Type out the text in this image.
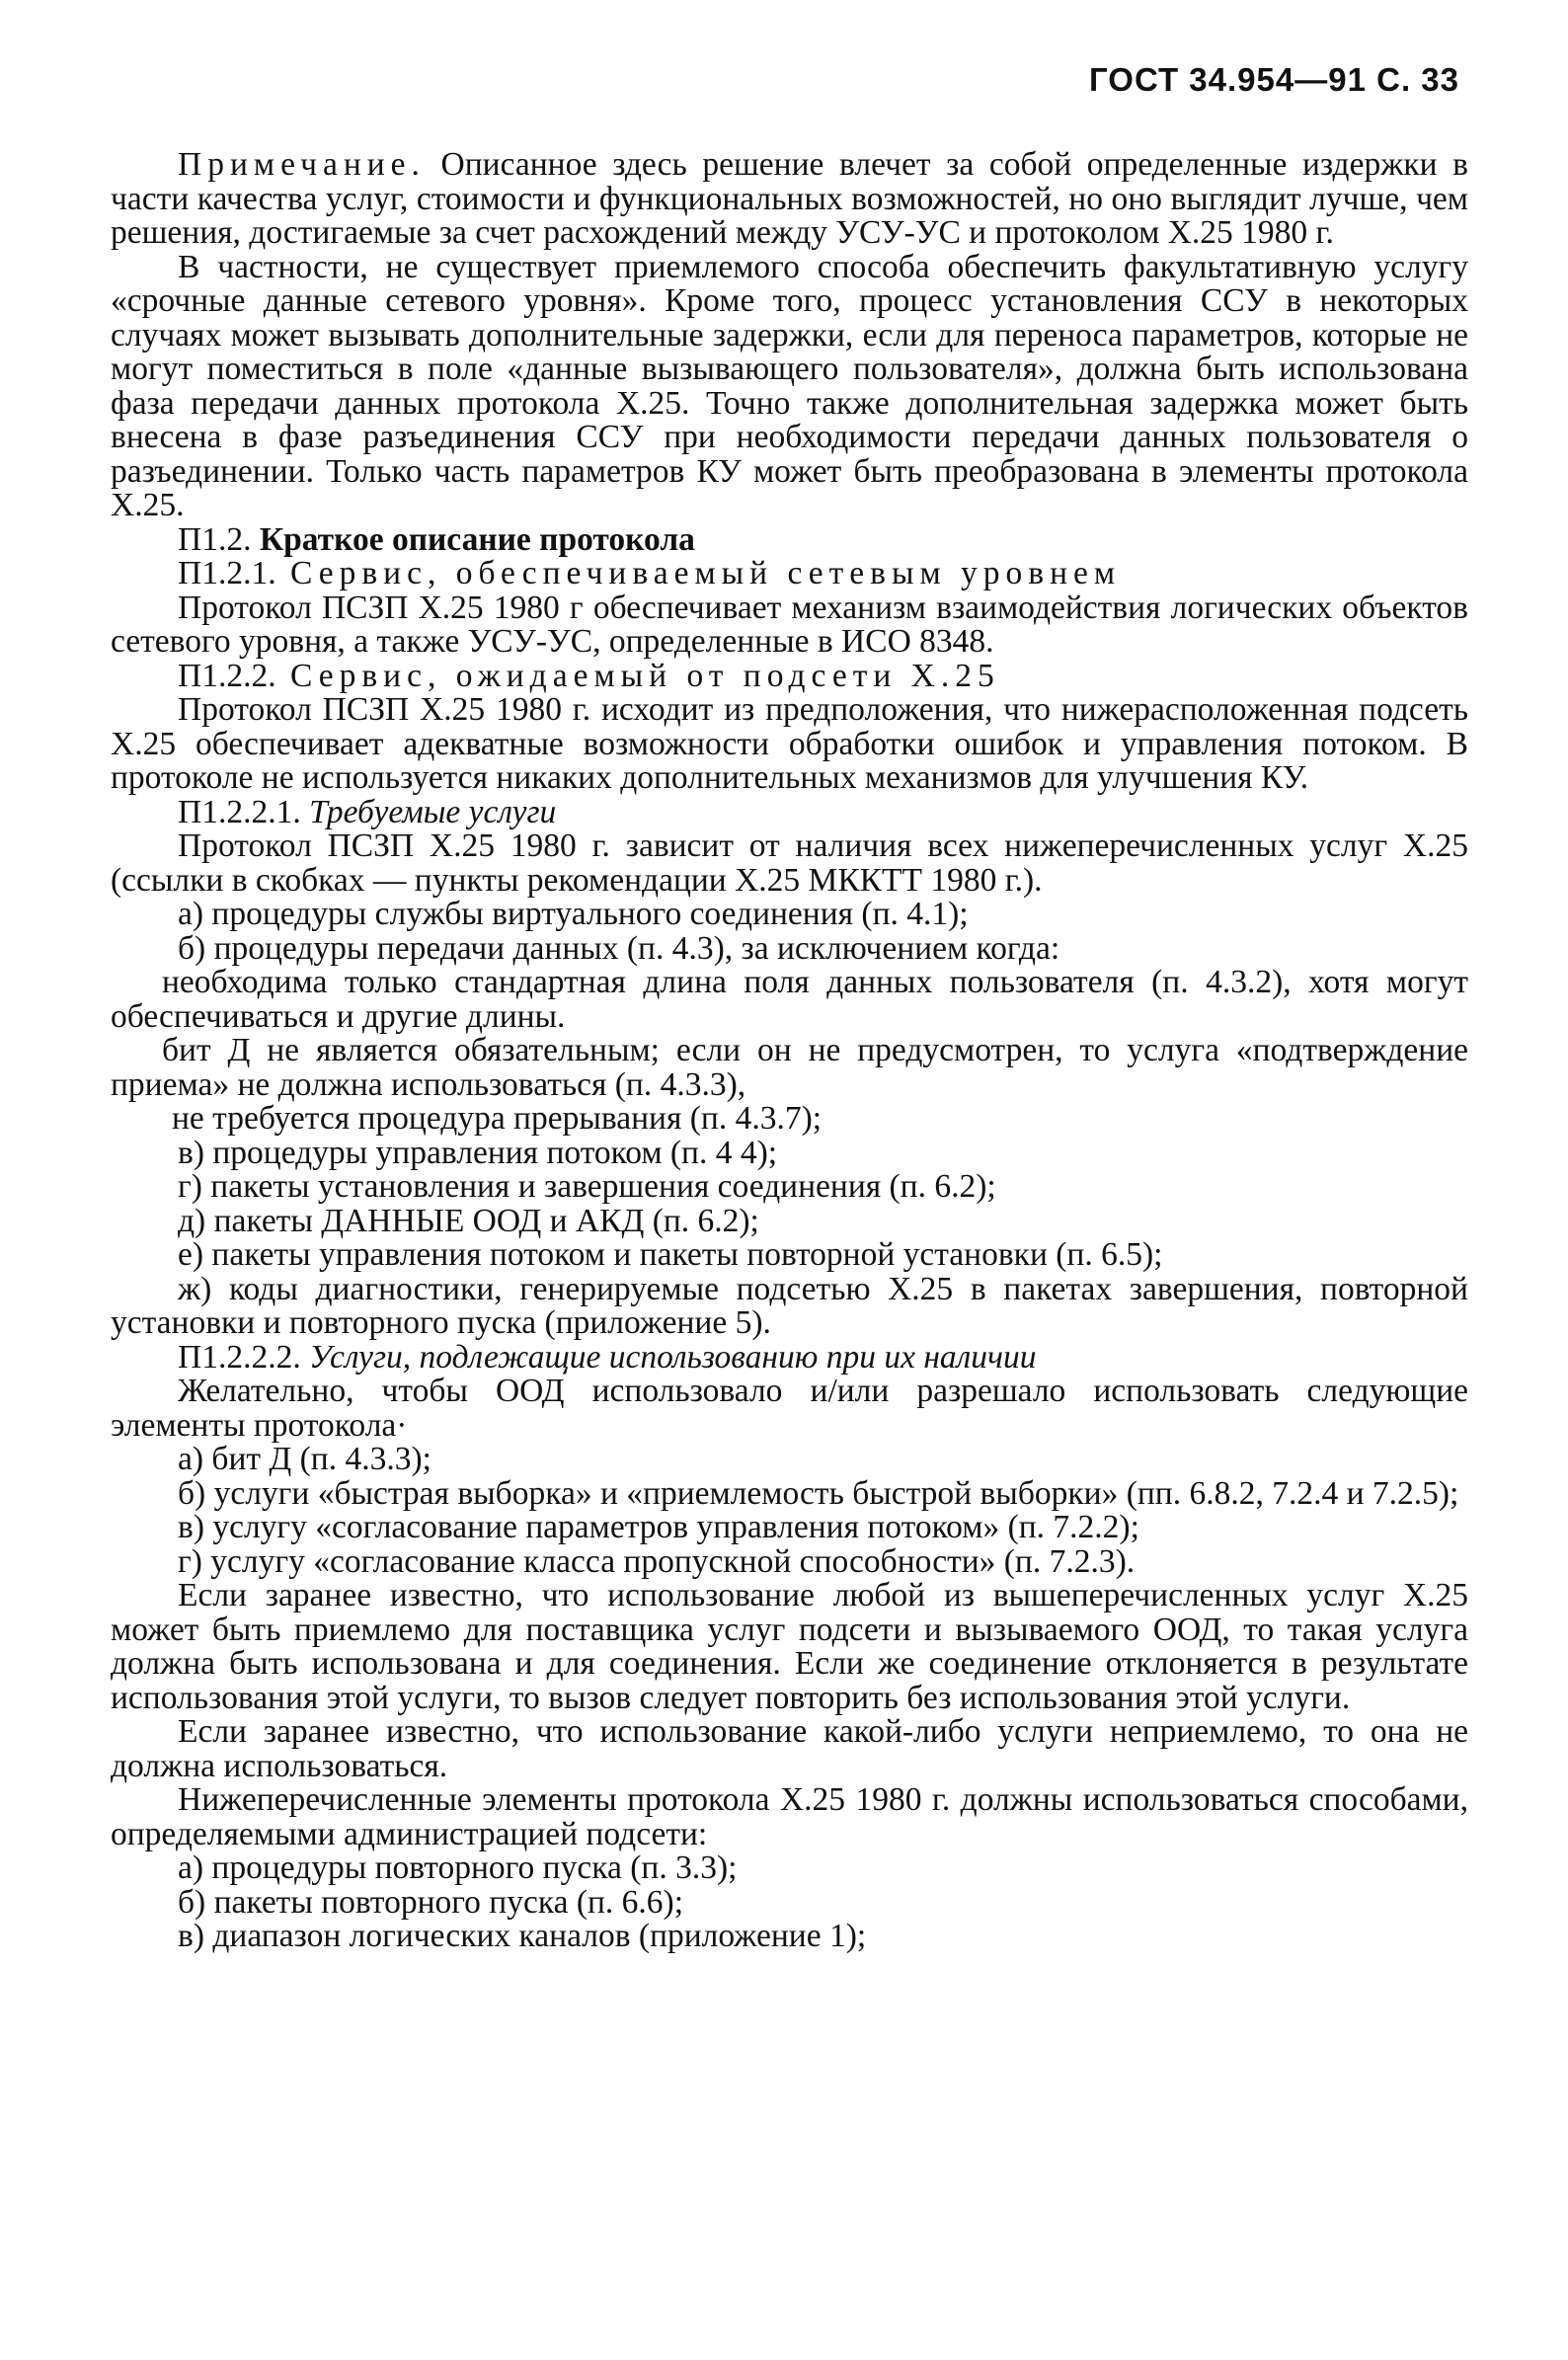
ГОСТ 34.954—91 С. 33

Примечание. Описанное здесь решение влечет за собой определенные издержки в части качества услуг, стоимости и функциональных возможностей, но оно выглядит лучше, чем решения, достигаемые за счет расхождений между УСУ-УС и протоколом X.25 1980 г.

В частности, не существует приемлемого способа обеспечить факультативную услугу «срочные данные сетевого уровня». Кроме того, процесс установления ССУ в некоторых случаях может вызывать дополнительные задержки, если для переноса параметров, которые не могут поместиться в поле «данные вызывающего пользователя», должна быть использована фаза передачи данных протокола X.25. Точно также дополнительная задержка может быть внесена в фазе разъединения ССУ при необходимости передачи данных пользователя о разъединении. Только часть параметров КУ может быть преобразована в элементы протокола X.25.

П1.2. Краткое описание протокола

П1.2.1. Сервис, обеспечиваемый сетевым уровнем

Протокол ПСЗП X.25 1980 г обеспечивает механизм взаимодействия логических объектов сетевого уровня, а также УСУ-УС, определенные в ИСО 8348.

П1.2.2. Сервис, ожидаемый от подсети X.25

Протокол ПСЗП X.25 1980 г. исходит из предположения, что нижерасположенная подсеть X.25 обеспечивает адекватные возможности обработки ошибок и управления потоком. В протоколе не используется никаких дополнительных механизмов для улучшения КУ.

П1.2.2.1. Требуемые услуги

Протокол ПСЗП X.25 1980 г. зависит от наличия всех нижеперечисленных услуг X.25 (ссылки в скобках — пункты рекомендации X.25 МККТТ 1980 г.).

а) процедуры службы виртуального соединения (п. 4.1);

б) процедуры передачи данных (п. 4.3), за исключением когда:

необходима только стандартная длина поля данных пользователя (п. 4.3.2), хотя могут обеспечиваться и другие длины.

бит Д не является обязательным; если он не предусмотрен, то услуга «подтверждение приема» не должна использоваться (п. 4.3.3),

не требуется процедура прерывания (п. 4.3.7);

в) процедуры управления потоком (п. 4 4);

г) пакеты установления и завершения соединения (п. 6.2);

д) пакеты ДАННЫЕ ООД и АКД (п. 6.2);

е) пакеты управления потоком и пакеты повторной установки (п. 6.5);

ж) коды диагностики, генерируемые подсетью X.25 в пакетах завершения, повторной установки и повторного пуска (приложение 5).

П1.2.2.2. Услуги, подлежащие использованию при их наличии

Желательно, чтобы ООД использовало и/или разрешало использовать следующие элементы протокола·

а) бит Д (п. 4.3.3);

б) услуги «быстрая выборка» и «приемлемость быстрой выборки» (пп. 6.8.2, 7.2.4 и 7.2.5);

в) услугу «согласование параметров управления потоком» (п. 7.2.2);

г) услугу «согласование класса пропускной способности» (п. 7.2.3).

Если заранее известно, что использование любой из вышеперечисленных услуг X.25 может быть приемлемо для поставщика услуг подсети и вызываемого ООД, то такая услуга должна быть использована и для соединения. Если же соединение отклоняется в результате использования этой услуги, то вызов следует повторить без использования этой услуги.

Если заранее известно, что использование какой-либо услуги неприемлемо, то она не должна использоваться.

Нижеперечисленные элементы протокола X.25 1980 г. должны использоваться способами, определяемыми администрацией подсети:

а) процедуры повторного пуска (п. 3.3);

б) пакеты повторного пуска (п. 6.6);

в) диапазон логических каналов (приложение 1);
